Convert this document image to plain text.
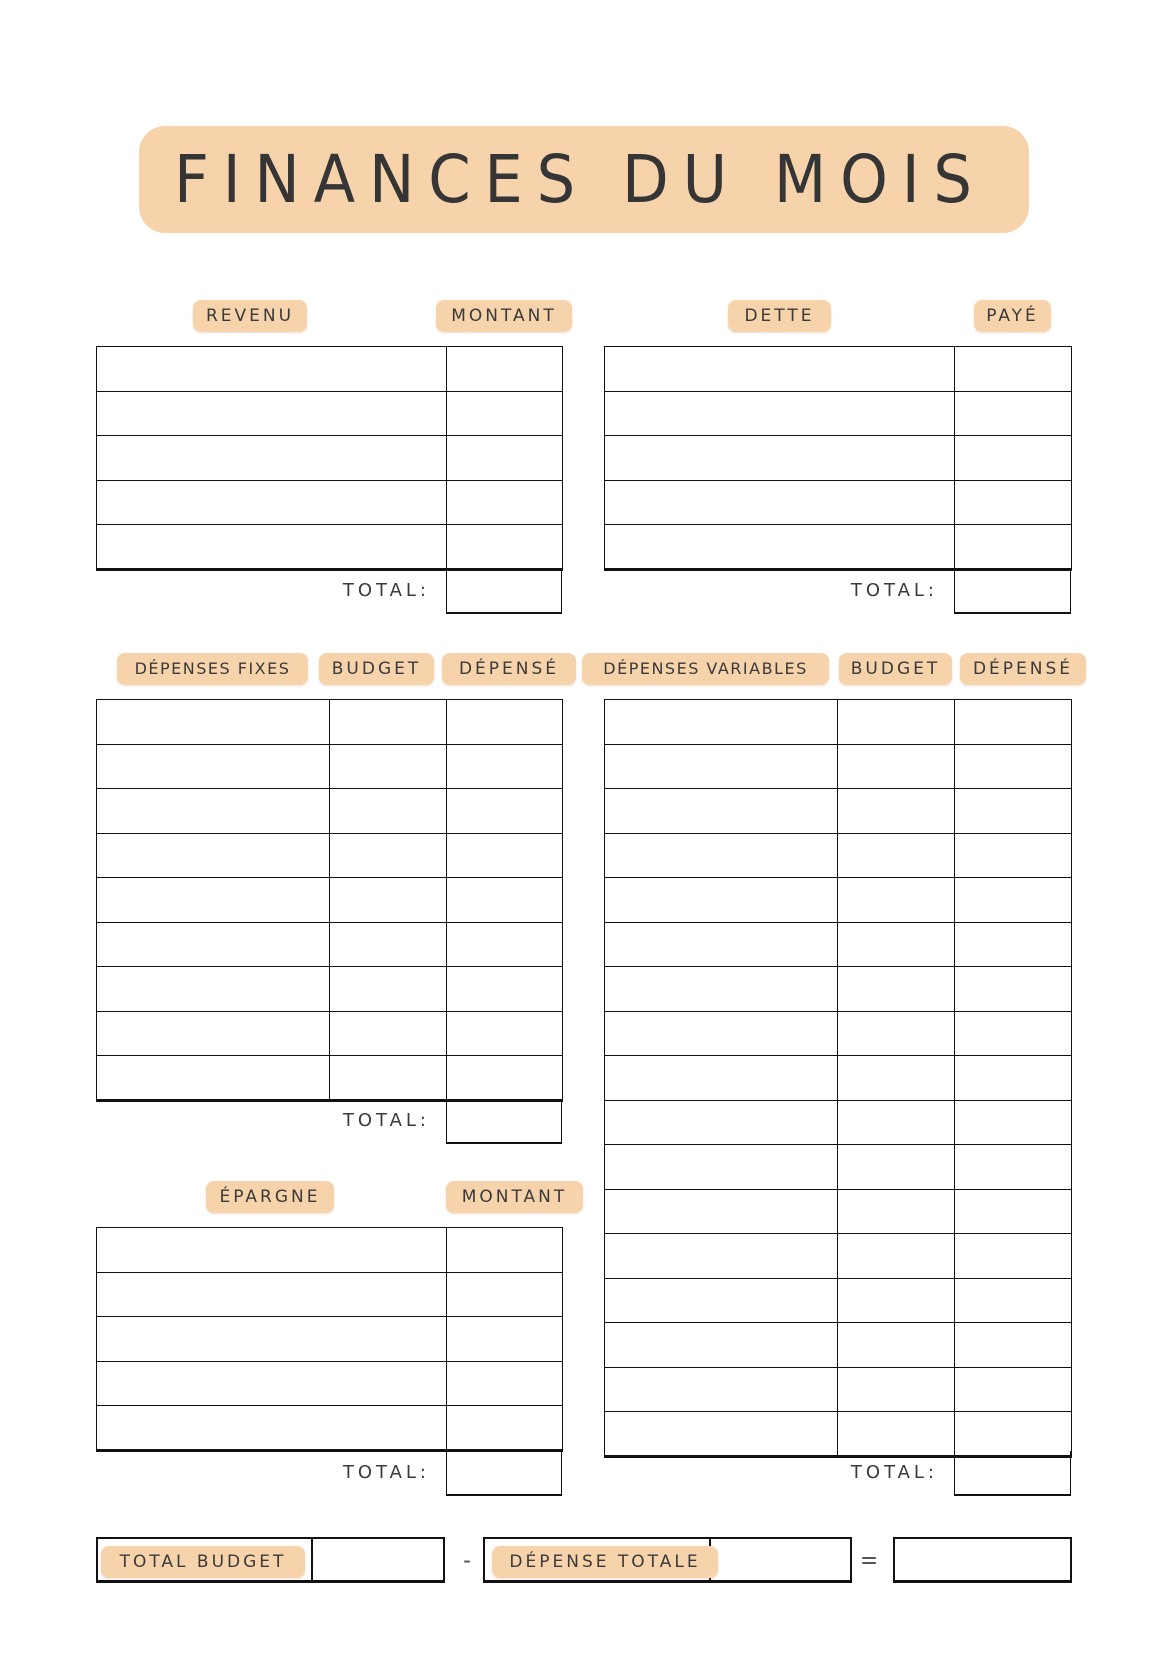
FINANCES DU MOIS
REVENU	MONTANT

TOTAL:
DETTE	PAYÉ

TOTAL:
DÉPENSES FIXES	BUDGET	DÉPENSÉ	DÉPENSES VARIABLES	BUDGET	DÉPENSÉ

TOTAL:

TOTAL:
ÉPARGNE	MONTANT

TOTAL:
TOTAL BUDGET	-	DÉPENSE TOTALE	=
